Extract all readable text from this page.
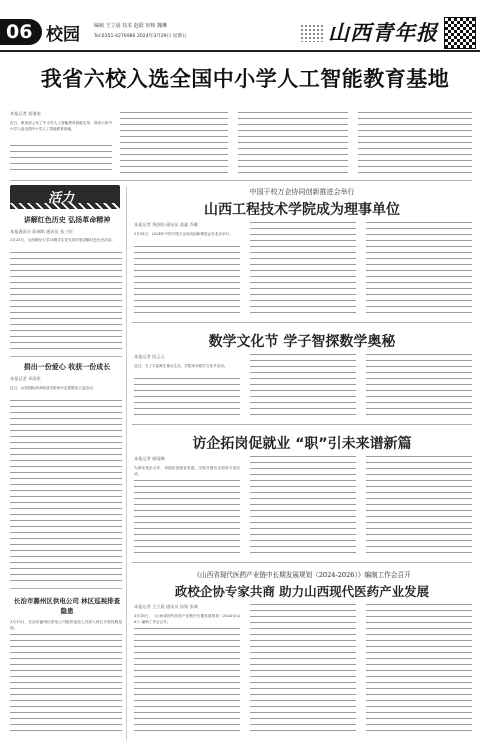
06 校园	编辑 王立晨 技术 赵跃 审核 魏琳
Tel:0351-4276986 2024年3月29日 星期五	山西青年报
我省六校入选全国中小学人工智能教育基地
本报记者 贾瑾南
近日，教育部公布了中小学人工智能教育基地名单，我省六所中小学入选全国中小学人工智能教育基地。
活力
讲解红色历史 弘扬革命精神
本报通讯员 陈瑞琪 通讯员 张三明
3月25日，山西财经大学25级学生党支部开展讲解红色历史活动。
捐出一份爱心 收获一份成长
本报记者 邓雨彤
近日，山西国际商务职业学院举行志愿服务公益活动。
长治市潞州区供电公司 林区巡视排查隐患
3月15日，长治市潞州区供电公司组织巡视人员深入林区开展线路巡视。
中国干校万企协同创新推进会举行
山西工程技术学院成为理事单位
本报记者 黄舒阳 通讯员 高鑫 乔璐
3月18日，2024年中国干校万企协同创新推进会在北京举行。
数学文化节 学子智探数学奥秘
本报记者 段云云
近日，为了丰富师生课余生活，学院举办数学文化节活动。
访企拓岗促就业 “职”引未来谱新篇
本报记者 郭雨峰
为深化校企合作，持续拓宽就业渠道，学院开展访企拓岗专项活动。
《山西省现代医药产业链中长期发展规划（2024-2026）》编制工作会召开
政校企协专家共商 助力山西现代医药产业发展
本报记者 王立晨 通讯员 孙妍 张瑛
3月18日，《山西省现代医药产业链中长期发展规划（2024-2026）》编制工作会召开。
